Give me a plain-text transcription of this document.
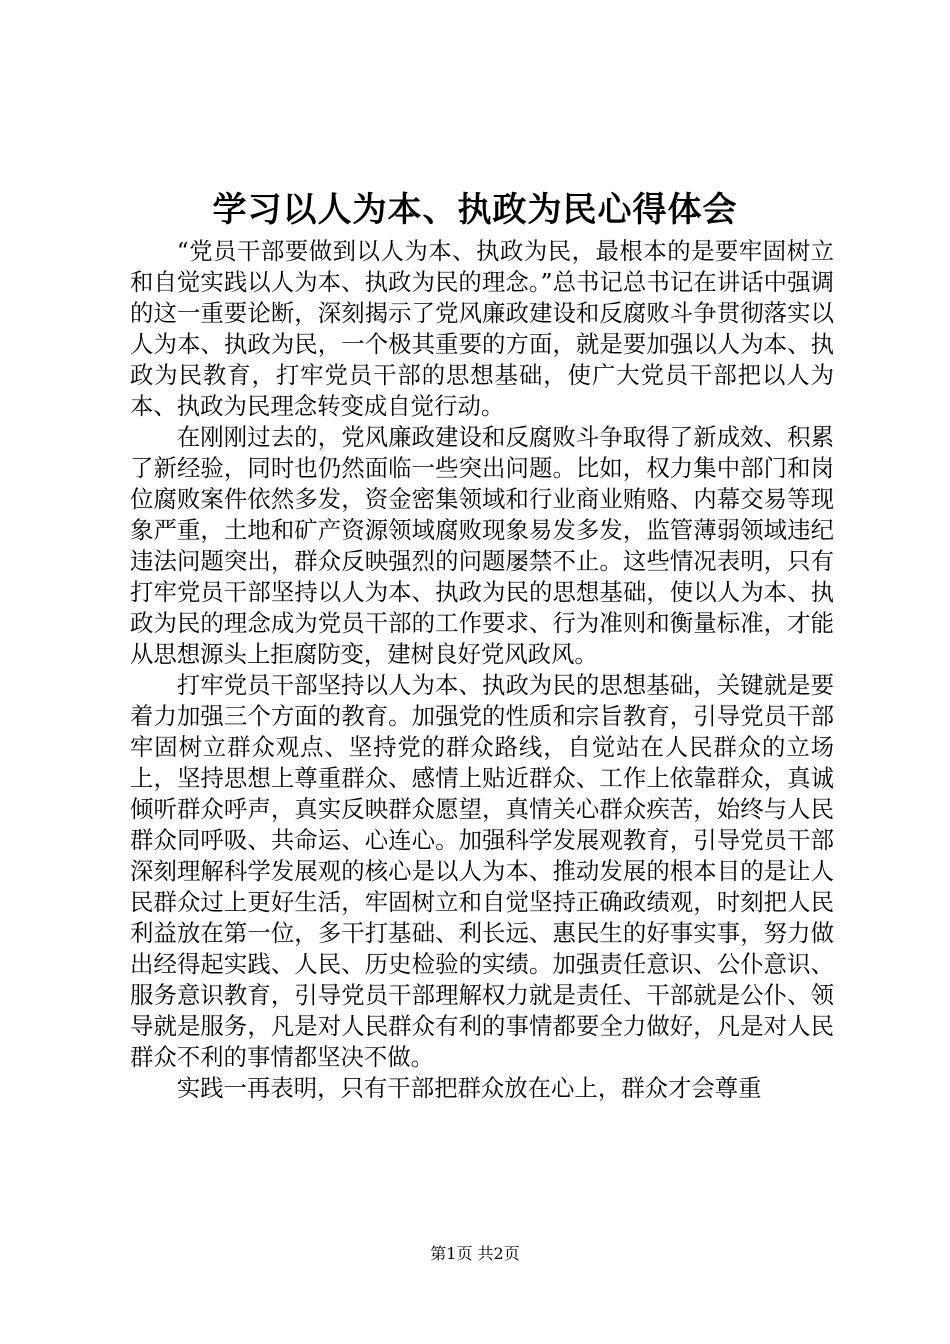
学习以人为本、执政为民心得体会

“党员干部要做到以人为本、执政为民，最根本的是要牢固树立和自觉实践以人为本、执政为民的理念。”总书记总书记在讲话中强调的这一重要论断，深刻揭示了党风廉政建设和反腐败斗争贯彻落实以人为本、执政为民，一个极其重要的方面，就是要加强以人为本、执政为民教育，打牢党员干部的思想基础，使广大党员干部把以人为本、执政为民理念转变成自觉行动。

在刚刚过去的，党风廉政建设和反腐败斗争取得了新成效、积累了新经验，同时也仍然面临一些突出问题。比如，权力集中部门和岗位腐败案件依然多发，资金密集领域和行业商业贿赂、内幕交易等现象严重，土地和矿产资源领域腐败现象易发多发，监管薄弱领域违纪违法问题突出，群众反映强烈的问题屡禁不止。这些情况表明，只有打牢党员干部坚持以人为本、执政为民的思想基础，使以人为本、执政为民的理念成为党员干部的工作要求、行为准则和衡量标准，才能从思想源头上拒腐防变，建树良好党风政风。

打牢党员干部坚持以人为本、执政为民的思想基础，关键就是要着力加强三个方面的教育。加强党的性质和宗旨教育，引导党员干部牢固树立群众观点、坚持党的群众路线，自觉站在人民群众的立场上，坚持思想上尊重群众、感情上贴近群众、工作上依靠群众，真诚倾听群众呼声，真实反映群众愿望，真情关心群众疾苦，始终与人民群众同呼吸、共命运、心连心。加强科学发展观教育，引导党员干部深刻理解科学发展观的核心是以人为本、推动发展的根本目的是让人民群众过上更好生活，牢固树立和自觉坚持正确政绩观，时刻把人民利益放在第一位，多干打基础、利长远、惠民生的好事实事，努力做出经得起实践、人民、历史检验的实绩。加强责任意识、公仆意识、服务意识教育，引导党员干部理解权力就是责任、干部就是公仆、领导就是服务，凡是对人民群众有利的事情都要全力做好，凡是对人民群众不利的事情都坚决不做。

实践一再表明，只有干部把群众放在心上，群众才会尊重

第1页 共2页
